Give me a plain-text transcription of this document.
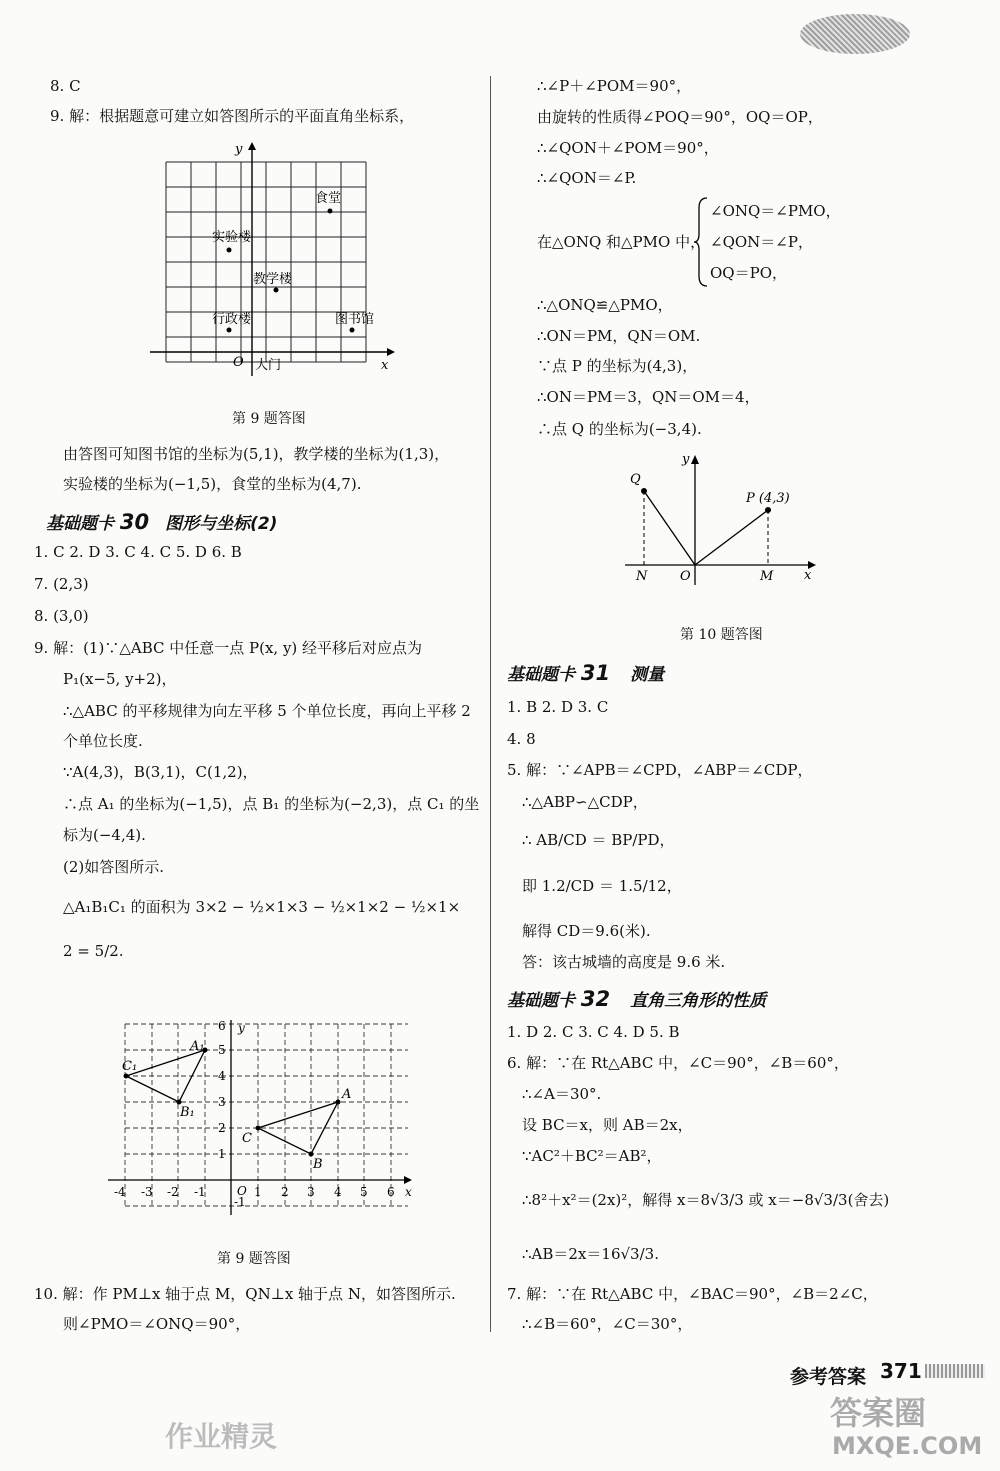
8. C
9. 解：根据题意可建立如答图所示的平面直角坐标系，
y
x
O
食堂
实验楼
教学楼
行政楼	图书馆
大门
第 9 题答图
由答图可知图书馆的坐标为(5,1)，教学楼的坐标为(1,3)，
实验楼的坐标为(−1,5)，食堂的坐标为(4,7).
基础题卡 30 图形与坐标(2)
1. C 2. D 3. C 4. C 5. D 6. B
7. (2,3)
8. (3,0)
9. 解：(1)∵△ABC 中任意一点 P(x, y) 经平移后对应点为
P₁(x−5, y+2)，
∴△ABC 的平移规律为向左平移 5 个单位长度，再向上平移 2
个单位长度.
∵A(4,3)，B(3,1)，C(1,2)，
∴点 A₁ 的坐标为(−1,5)，点 B₁ 的坐标为(−2,3)，点 C₁ 的坐
标为(−4,4).
(2)如答图所示.
△A₁B₁C₁ 的面积为 3×2 − ½×1×3 − ½×1×2 − ½×1×
2 = 5/2.
y
x
O
-4 -3 -2 -1	1 2 3 4 5 6
1
2
3
4
5
6
-1
A₁
B₁
C₁
A
B
C
第 9 题答图
10. 解：作 PM⊥x 轴于点 M，QN⊥x 轴于点 N，如答图所示.
则∠PMO＝∠ONQ＝90°，
∴∠P＋∠POM＝90°，
由旋转的性质得∠POQ＝90°，OQ＝OP，
∴∠QON＋∠POM＝90°，
∴∠QON＝∠P.
在△ONQ 和△PMO 中，
∠ONQ＝∠PMO，
∠QON＝∠P，
OQ＝PO，
∴△ONQ≌△PMO，
∴ON＝PM，QN＝OM.
∵点 P 的坐标为(4,3)，
∴ON＝PM＝3，QN＝OM＝4，
∴点 Q 的坐标为(−3,4).
y
x
O
Q
P (4,3)
N	M
第 10 题答图
基础题卡 31 测量
1. B 2. D 3. C
4. 8
5. 解：∵∠APB＝∠CPD，∠ABP＝∠CDP，
∴△ABP∽△CDP，
∴ AB/CD ＝ BP/PD，
即 1.2/CD ＝ 1.5/12，
解得 CD＝9.6(米).
答：该古城墙的高度是 9.6 米.
基础题卡 32 直角三角形的性质
1. D 2. C 3. C 4. D 5. B
6. 解：∵在 Rt△ABC 中，∠C＝90°，∠B＝60°，
∴∠A＝30°.
设 BC＝x，则 AB＝2x，
∵AC²＋BC²＝AB²，
∴8²＋x²＝(2x)²，解得 x＝8√3/3 或 x＝−8√3/3(舍去)
∴AB＝2x＝16√3/3.
7. 解：∵在 Rt△ABC 中，∠BAC＝90°，∠B＝2∠C，
∴∠B＝60°，∠C＝30°，
参考答案 371
作业精灵
答案圈
MXQE.COM
